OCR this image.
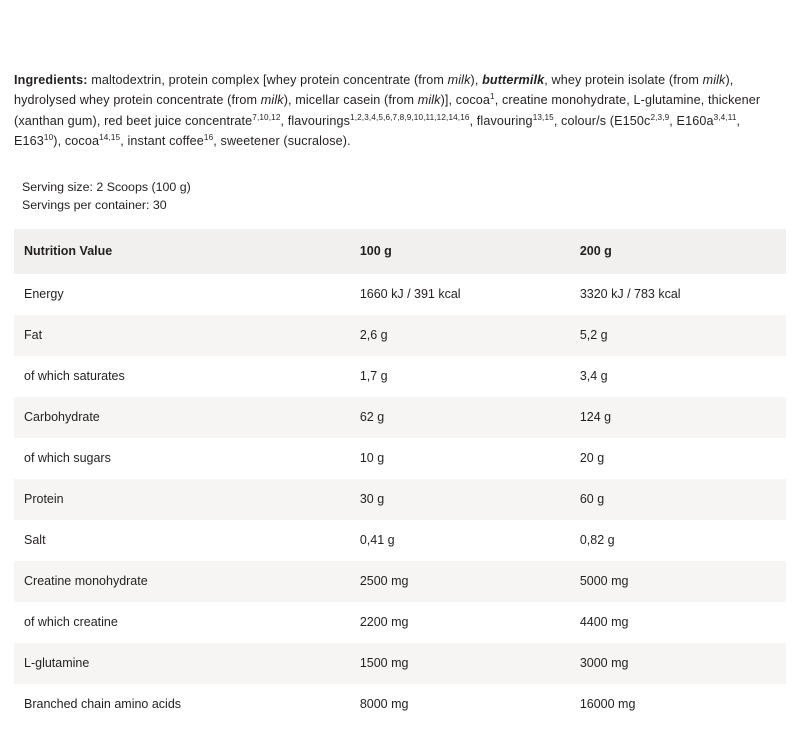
Ingredients: maltodextrin, protein complex [whey protein concentrate (from milk), buttermilk, whey protein isolate (from milk), hydrolysed whey protein concentrate (from milk), micellar casein (from milk)], cocoa$^1$, creatine monohydrate, L-glutamine, thickener (xanthan gum), red beet juice concentrate$^{7,10,12}$, flavourings$^{1,2,3,4,5,6,7,8,9,10,11,12,14,16}$, flavouring$^{13,15}$, colour/s ($E150c^{2,3,9}$, $E160a^{3,4,11}$, $E163^{10}$), cocoa$^{14,15}$, instant coffee$^{16}$, sweetener (sucralose).

Serving size: 2 Scoops (100 g)
Servings per container: 30
Nutrition Value	100 g	200 g
Energy	1660 kJ / 391 kcal	3320 kJ / 783 kcal
Fat	2,6 g	5,2 g
of which saturates	1,7 g	3,4 g
Carbohydrate	62 g	124 g
of which sugars	10 g	20 g
Protein	30 g	60 g
Salt	0,41 g	0,82 g
Creatine monohydrate	2500 mg	5000 mg
of which creatine	2200 mg	4400 mg
L-glutamine	1500 mg	3000 mg
Branched chain amino acids	8000 mg	16000 mg
